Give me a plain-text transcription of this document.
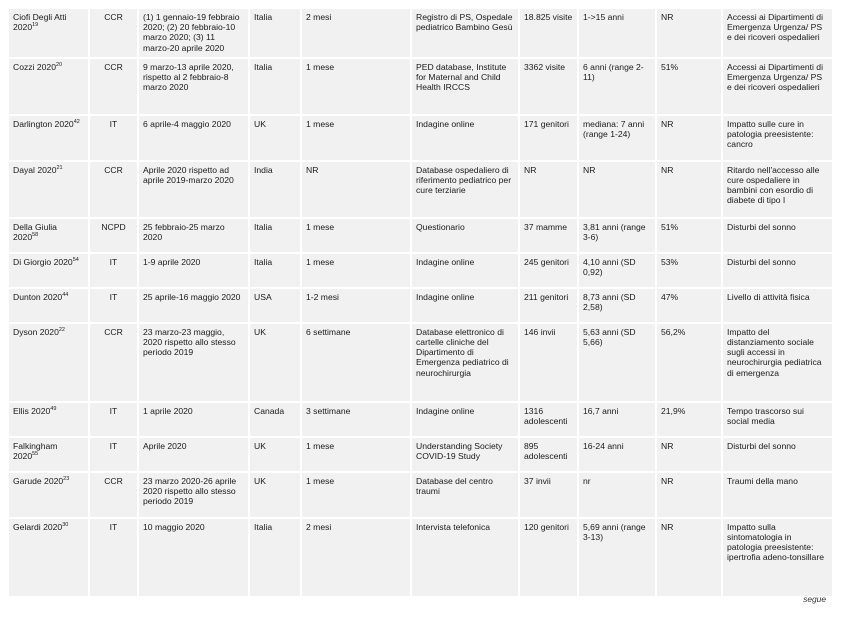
Ciofi Degli Atti 2020$^{19}$	CCR	(1) 1 gennaio-19 febbraio 2020; (2) 20 febbraio-10 marzo 2020; (3) 11 marzo-20 aprile 2020	Italia	2 mesi	Registro di PS, Ospedale pediatrico Bambino Gesù	18.825 visite	1->15 anni	NR	Accessi ai Dipartimenti di Emergenza Urgenza/ PS e dei ricoveri ospedalieri
Cozzi 2020$^{20}$	CCR	9 marzo-13 aprile 2020, rispetto al 2 febbraio-8 marzo 2020	Italia	1 mese	PED database, Institute for Maternal and Child Health IRCCS	3362 visite	6 anni (range 2-11)	51%	Accessi ai Dipartimenti di Emergenza Urgenza/ PS e dei ricoveri ospedalieri
Darlington 2020$^{42}$	IT	6 aprile-4 maggio 2020	UK	1 mese	Indagine online	171 genitori	mediana: 7 anni (range 1-24)	NR	Impatto sulle cure in patologia preesistente: cancro
Dayal 2020$^{21}$	CCR	Aprile 2020 rispetto ad aprile 2019-marzo 2020	India	NR	Database ospedaliero di riferimento pediatrico per cure terziarie	NR	NR	NR	Ritardo nell'accesso alle cure ospedaliere in bambini con esordio di diabete di tipo I
Della Giulia 2020$^{58}$	NCPD	25 febbraio-25 marzo 2020	Italia	1 mese	Questionario	37 mamme	3,81 anni (range 3-6)	51%	Disturbi del sonno
Di Giorgio 2020$^{54}$	IT	1-9 aprile 2020	Italia	1 mese	Indagine online	245 genitori	4,10 anni (SD 0,92)	53%	Disturbi del sonno
Dunton 2020$^{44}$	IT	25 aprile-16 maggio 2020	USA	1-2 mesi	Indagine online	211 genitori	8,73 anni (SD 2,58)	47%	Livello di attività fisica
Dyson 2020$^{22}$	CCR	23 marzo-23 maggio, 2020 rispetto allo stesso periodo 2019	UK	6 settimane	Database elettronico di cartelle cliniche del Dipartimento di Emergenza pediatrico di neurochirurgia	146 invii	5,63 anni (SD 5,66)	56,2%	Impatto del distanziamento sociale sugli accessi in neurochirurgia pediatrica di emergenza
Ellis 2020$^{49}$	IT	1 aprile 2020	Canada	3 settimane	Indagine online	1316 adolescenti	16,7 anni	21,9%	Tempo trascorso sui social media
Falkingham 2020$^{55}$	IT	Aprile 2020	UK	1 mese	Understanding Society COVID-19 Study	895 adolescenti	16-24 anni	NR	Disturbi del sonno
Garude 2020$^{23}$	CCR	23 marzo 2020-26 aprile 2020 rispetto allo stesso periodo 2019	UK	1 mese	Database del centro traumi	37 invii	nr	NR	Traumi della mano
Gelardi 2020$^{30}$	IT	10 maggio 2020	Italia	2 mesi	Intervista telefonica	120 genitori	5,69 anni (range 3-13)	NR	Impatto sulla sintomatologia in patologia preesistente: ipertrofia adeno-tonsillare
segue
